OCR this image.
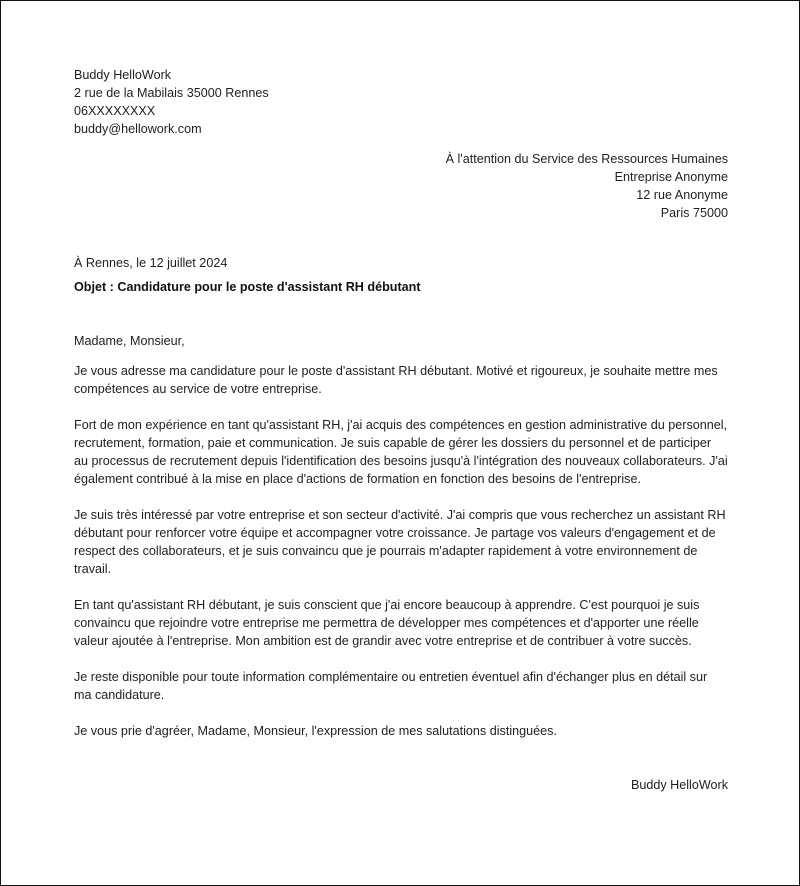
Buddy HelloWork
2 rue de la Mabilais 35000 Rennes
06XXXXXXXX
buddy@hellowork.com
À l'attention du Service des Ressources Humaines
Entreprise Anonyme
12 rue Anonyme
Paris 75000
À Rennes, le 12 juillet 2024
Objet : Candidature pour le poste d'assistant RH débutant
Madame, Monsieur,
Je vous adresse ma candidature pour le poste d'assistant RH débutant. Motivé et rigoureux, je souhaite mettre mes compétences au service de votre entreprise.
Fort de mon expérience en tant qu'assistant RH, j'ai acquis des compétences en gestion administrative du personnel, recrutement, formation, paie et communication. Je suis capable de gérer les dossiers du personnel et de participer au processus de recrutement depuis l'identification des besoins jusqu'à l'intégration des nouveaux collaborateurs. J'ai également contribué à la mise en place d'actions de formation en fonction des besoins de l'entreprise.
Je suis très intéressé par votre entreprise et son secteur d'activité. J'ai compris que vous recherchez un assistant RH débutant pour renforcer votre équipe et accompagner votre croissance. Je partage vos valeurs d'engagement et de respect des collaborateurs, et je suis convaincu que je pourrais m'adapter rapidement à votre environnement de travail.
En tant qu'assistant RH débutant, je suis conscient que j'ai encore beaucoup à apprendre. C'est pourquoi je suis convaincu que rejoindre votre entreprise me permettra de développer mes compétences et d'apporter une réelle valeur ajoutée à l'entreprise. Mon ambition est de grandir avec votre entreprise et de contribuer à votre succès.
Je reste disponible pour toute information complémentaire ou entretien éventuel afin d'échanger plus en détail sur ma candidature.
Je vous prie d'agréer, Madame, Monsieur, l'expression de mes salutations distinguées.
Buddy HelloWork
